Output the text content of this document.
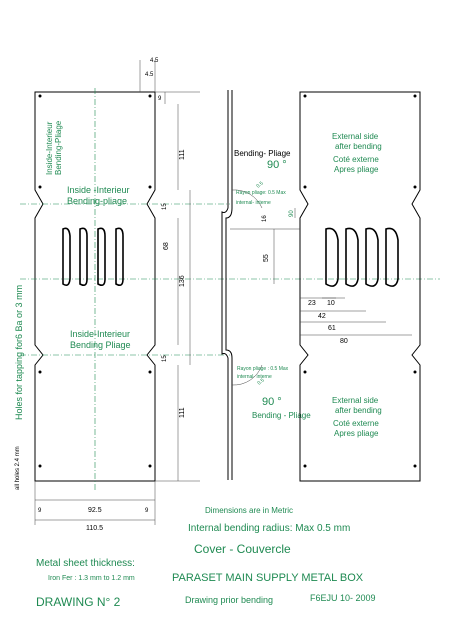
Inside-InterieurBending-Pliage
Inside -Interieur
Bending-pliage
Inside-Interieur
Bending Pliage
Holes for tapping for6 Ba or 3 mm
all holes 2.4 mm
4.5
4.5
9
111
15
68
136
15
111
9	9
92.5
110.5
Bending- Pliage
90 °
Rayon pliage: 0.5 Max
internal- interne
0.5
Rayon pliage : 0.5 Max
internal- interne
0.5
90 °
Bending - Pliage
16
90
55
23 10
42
61
80
External side
after bending
Coté externe
Apres pliage
External side
after bending
Coté externe
Apres pliage
Dimensions are in Metric
Internal bending radius: Max 0.5 mm
Cover - Couvercle
Metal sheet thickness:
Iron Fer : 1.3 mm to 1.2 mm	PARASET MAIN SUPPLY METAL BOX
DRAWING N° 2	Drawing prior bending	F6EJU 10- 2009
